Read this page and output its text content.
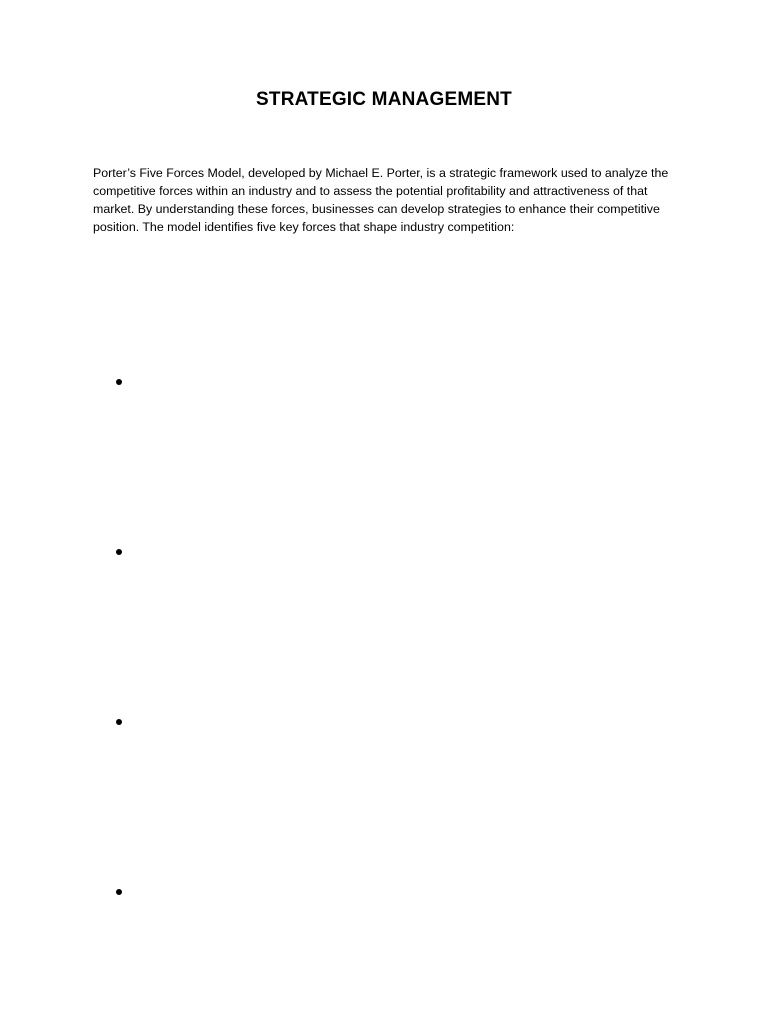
STRATEGIC MANAGEMENT

Porter’s Five Forces Model, developed by Michael E. Porter, is a strategic framework used to analyze the competitive forces within an industry and to assess the potential profitability and attractiveness of that market. By understanding these forces, businesses can develop strategies to enhance their competitive position. The model identifies five key forces that shape industry competition:
